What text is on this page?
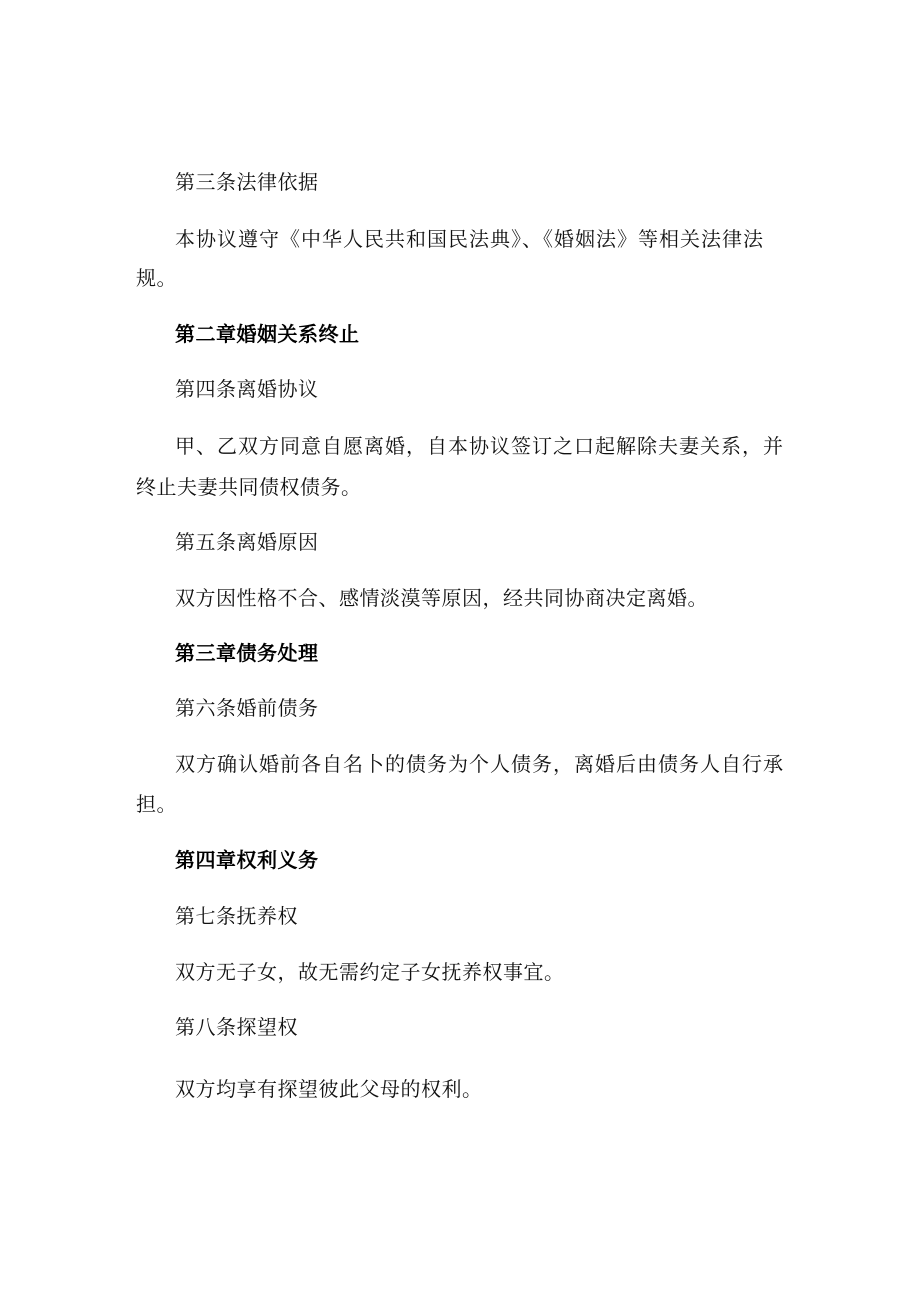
第三条法律依据
本协议遵守《中华人民共和国民法典》、《婚姻法》等相关法律法
规。
第二章婚姻关系终止
第四条离婚协议
甲、乙双方同意自愿离婚，自本协议签订之口起解除夫妻关系，并
终止夫妻共同债权债务。
第五条离婚原因
双方因性格不合、感情淡漠等原因，经共同协商决定离婚。
第三章债务处理
第六条婚前债务
双方确认婚前各自名卜的债务为个人债务，离婚后由债务人自行承
担。
第四章权利义务
第七条抚养权
双方无子女，故无需约定子女抚养权事宜。
第八条探望权
双方均享有探望彼此父母的权利。
